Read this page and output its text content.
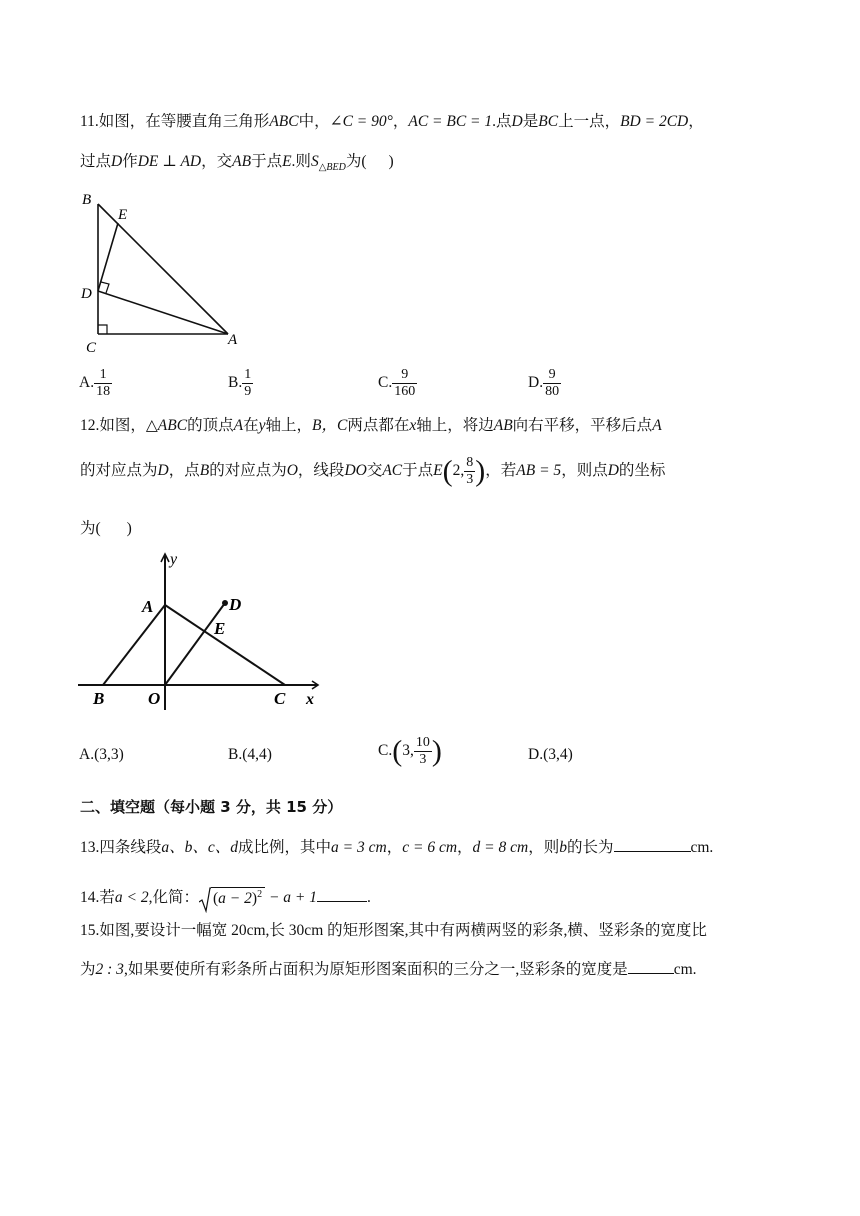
11.如图，在等腰直角三角形ABC中，∠C = 90°，AC = BC = 1.点D是BC上一点，BD = 2CD，
过点D作DE ⊥ AD，交AB于点E.则$S_{\triangle BED}$为( )
B
E
D
C	A
A. $\frac{1}{18}$	B. $\frac{1}{9}$	C. $\frac{9}{160}$	D. $\frac{9}{80}$
12.如图，△ABC的顶点A在y轴上，B，C两点都在x轴上，将边AB向右平移，平移后点A
的对应点为D，点B的对应点为O，线段DO交AC于点E(2, $\frac{8}{3}$ )，若AB = 5，则点D的坐标
为( )
y
A	D
E
B	O	C x
A.(3,3)	B.(4,4)	C.(3, $\frac{10}{3}$ )	D.(3,4)
二、填空题（每小题 3 分，共 15 分）
13.四条线段a、b、c、d成比例，其中a = 3 cm，c = 6 cm，d = 8 cm，则b的长为	cm.
14.若a < 2,化简： $(a - 2)^2 - a + 1$	.
15.如图,要设计一幅宽 20cm,长 30cm 的矩形图案,其中有两横两竖的彩条,横、竖彩条的宽度比
为2 : 3,如果要使所有彩条所占面积为原矩形图案面积的三分之一,竖彩条的宽度是	cm.
